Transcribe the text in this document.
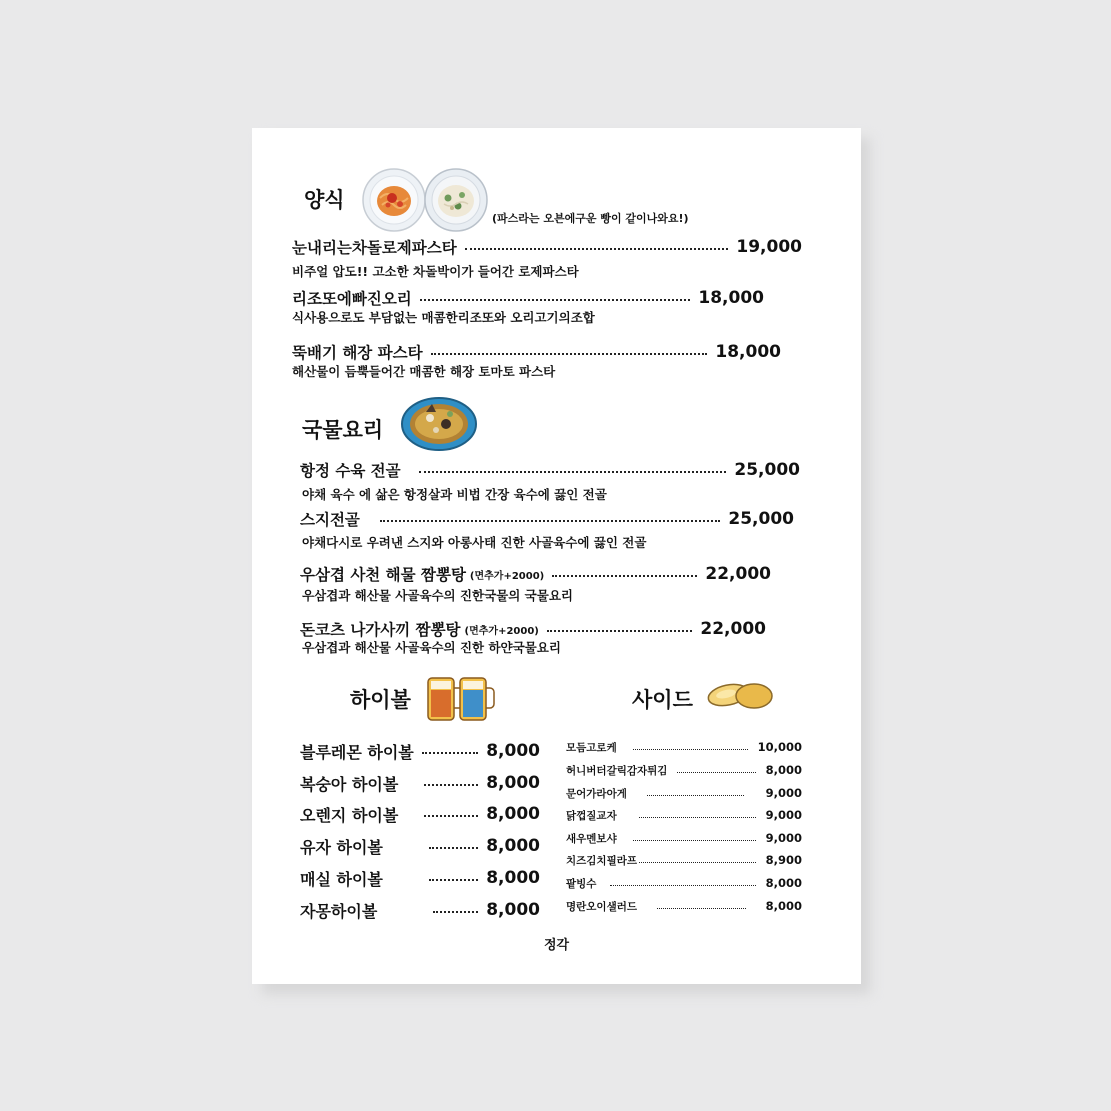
양식
(파스라는 오븐에구운 빵이 같이나와요!)
눈내리는차돌로제파스타	19,000
비주얼 압도!! 고소한 차돌박이가 들어간 로제파스타
리조또에빠진오리	18,000
식사용으로도 부담없는 매콤한리조또와 오리고기의조합
뚝배기 해장 파스타	18,000
해산물이 듬뿍들어간 매콤한 해장 토마토 파스타
국물요리
항정 수육 전골	25,000
야채 육수 에 삶은 항정살과 비법 간장 육수에 끓인 전골
스지전골	25,000
야채다시로 우려낸 스지와 아롱사태 진한 사골육수에 끓인 전골
우삼겹 사천 해물 짬뽕탕 (면추가+2000)	22,000
우삼겹과 해산물 사골육수의 진한국물의 국물요리
돈코츠 나가사끼 짬뽕탕 (면추가+2000)	22,000
우삼겹과 해산물 사골육수의 진한 하얀국물요리
하이볼
블루레몬 하이볼	8,000
복숭아 하이볼	8,000
오렌지 하이볼	8,000
유자 하이볼	8,000
매실 하이볼	8,000
자몽하이볼	8,000
사이드
모듬고로케	10,000
허니버터갈릭감자튀김	8,000
문어가라아게	9,000
닭껍질교자	9,000
새우멘보샤	9,000
치즈김치필라프	8,900
팥빙수	8,000
명란오이샐러드	8,000
정각
